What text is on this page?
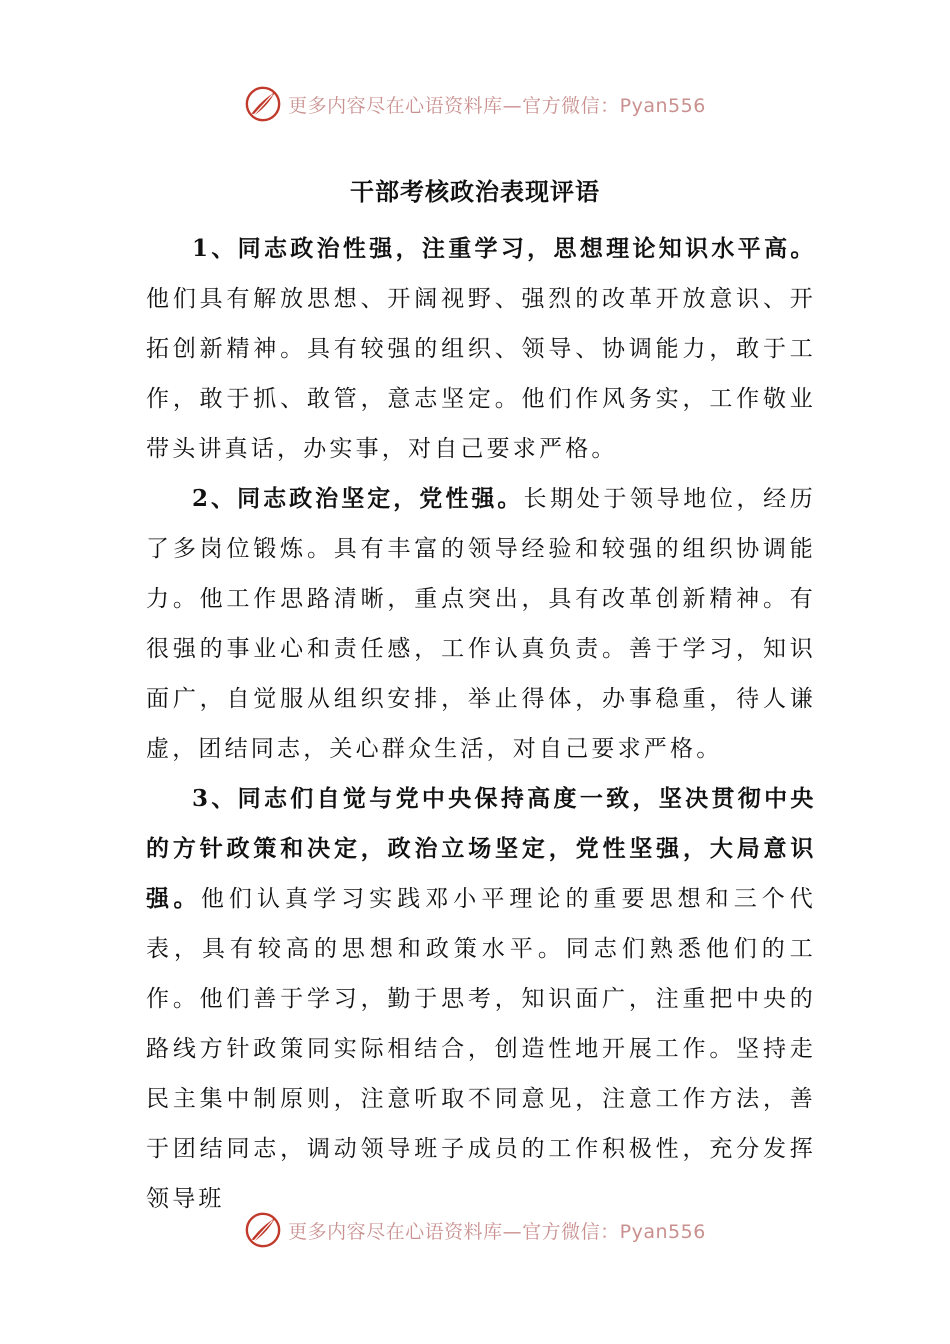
更多内容尽在心语资料库—官方微信：Pyan556
干部考核政治表现评语

1、同志政治性强，注重学习，思想理论知识水平高。他们具有解放思想、开阔视野、强烈的改革开放意识、开拓创新精神。具有较强的组织、领导、协调能力，敢于工作，敢于抓、敢管，意志坚定。他们作风务实，工作敬业带头讲真话，办实事，对自己要求严格。

2、同志政治坚定，党性强。长期处于领导地位，经历了多岗位锻炼。具有丰富的领导经验和较强的组织协调能力。他工作思路清晰，重点突出，具有改革创新精神。有很强的事业心和责任感，工作认真负责。善于学习，知识面广，自觉服从组织安排，举止得体，办事稳重，待人谦虚，团结同志，关心群众生活，对自己要求严格。

3、同志们自觉与党中央保持高度一致，坚决贯彻中央的方针政策和决定，政治立场坚定，党性坚强，大局意识强。他们认真学习实践邓小平理论的重要思想和三个代表，具有较高的思想和政策水平。同志们熟悉他们的工作。他们善于学习，勤于思考，知识面广，注重把中央的路线方针政策同实际相结合，创造性地开展工作。坚持走民主集中制原则，注意听取不同意见，注意工作方法，善于团结同志，调动领导班子成员的工作积极性，充分发挥领导班

更多内容尽在心语资料库—官方微信：Pyan556
